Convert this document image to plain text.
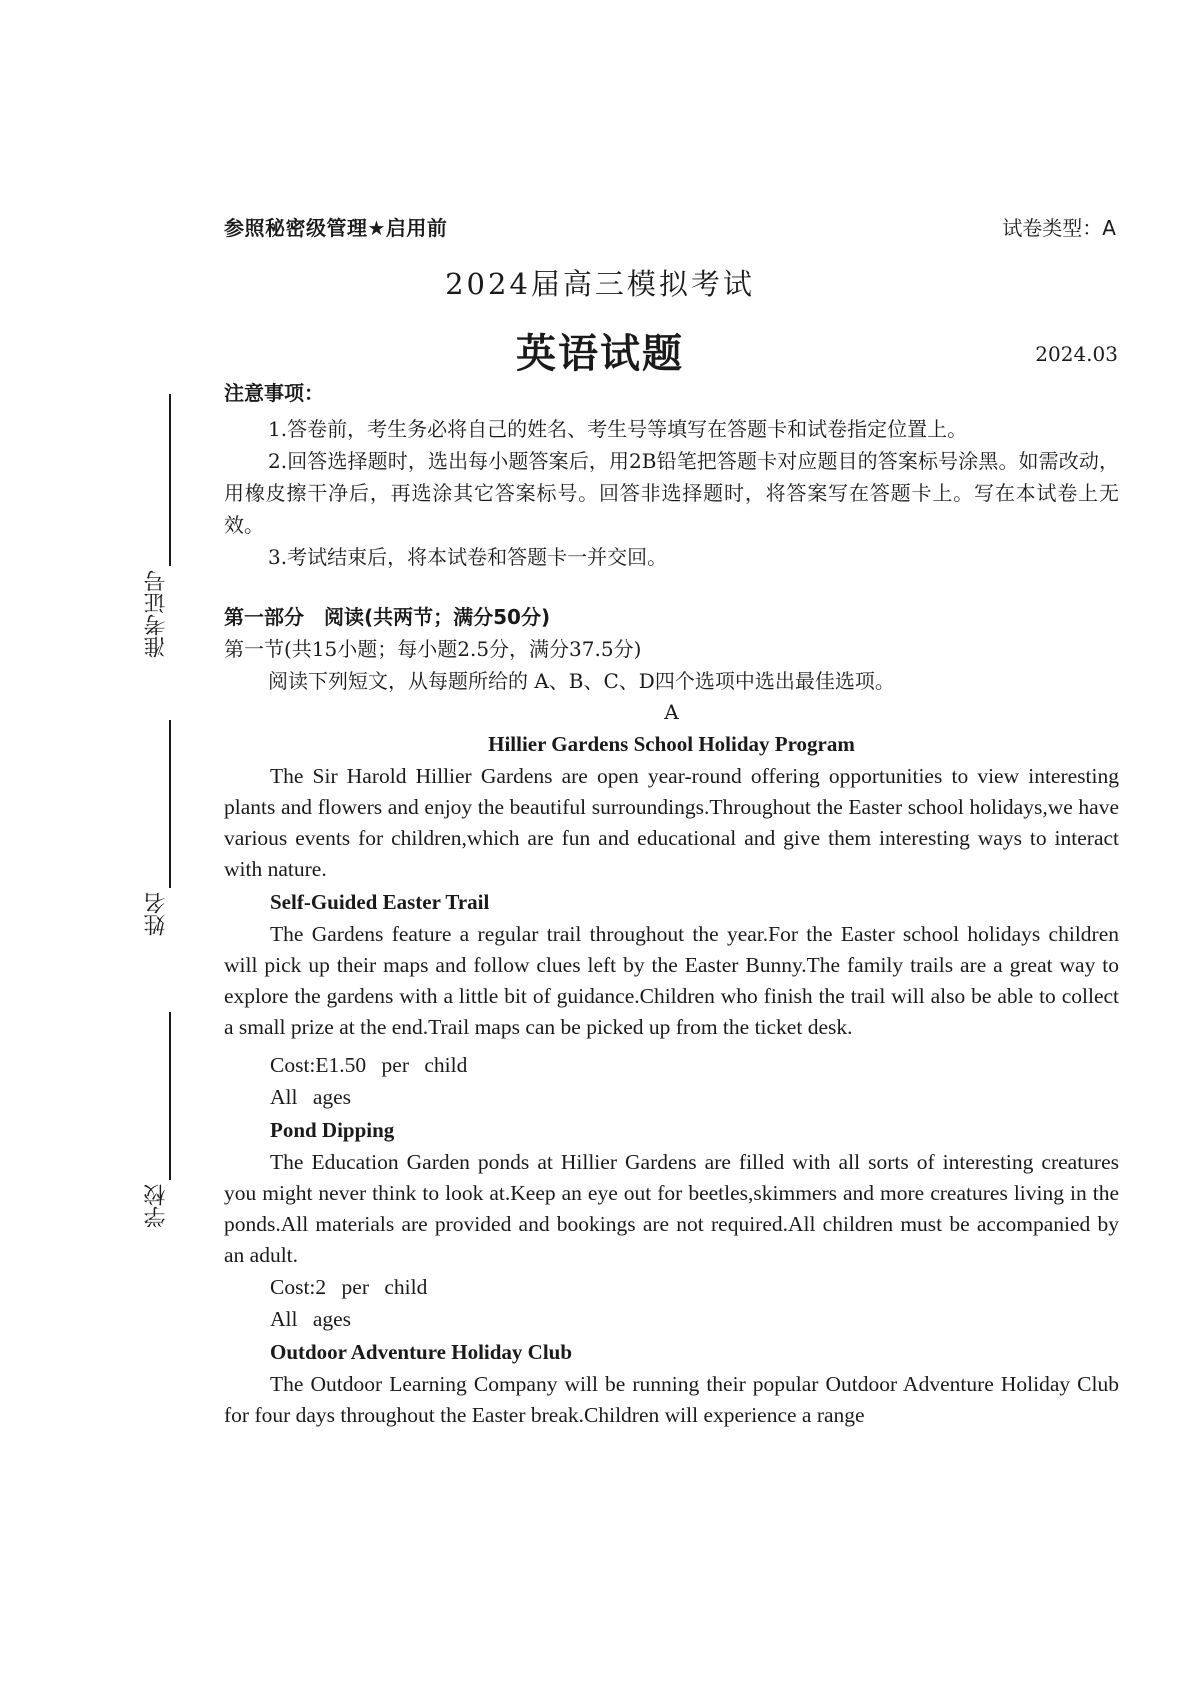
准考证号
姓名
学校
参照秘密级管理★启用前	试卷类型：A
2024届高三模拟考试
英语试题	2024.03
注意事项：

1.答卷前，考生务必将自己的姓名、考生号等填写在答题卡和试卷指定位置上。

2.回答选择题时，选出每小题答案后，用2B铅笔把答题卡对应题目的答案标号涂黑。如需改动，用橡皮擦干净后，再选涂其它答案标号。回答非选择题时，将答案写在答题卡上。写在本试卷上无效。

3.考试结束后，将本试卷和答题卡一并交回。

第一部分　阅读(共两节；满分50分)
第一节(共15小题；每小题2.5分，满分37.5分)
阅读下列短文，从每题所给的 A、B、C、D四个选项中选出最佳选项。
A
Hillier Gardens School Holiday Program

The Sir Harold Hillier Gardens are open year-round offering opportunities to view interesting plants and flowers and enjoy the beautiful surroundings.Throughout the Easter school holidays,we have various events for children,which are fun and educational and give them interesting ways to interact with nature.

Self-Guided Easter Trail

The Gardens feature a regular trail throughout the year.For the Easter school holidays children will pick up their maps and follow clues left by the Easter Bunny.The family trails are a great way to explore the gardens with a little bit of guidance.Children who finish the trail will also be able to collect a small prize at the end.Trail maps can be picked up from the ticket desk.

Cost:E1.50 per child
All ages
Pond Dipping

The Education Garden ponds at Hillier Gardens are filled with all sorts of interesting creatures you might never think to look at.Keep an eye out for beetles,skimmers and more creatures living in the ponds.All materials are provided and bookings are not required.All children must be accompanied by an adult.

Cost:2 per child
All ages
Outdoor Adventure Holiday Club

The Outdoor Learning Company will be running their popular Outdoor Adventure Holiday Club for four days throughout the Easter break.Children will experience a range
